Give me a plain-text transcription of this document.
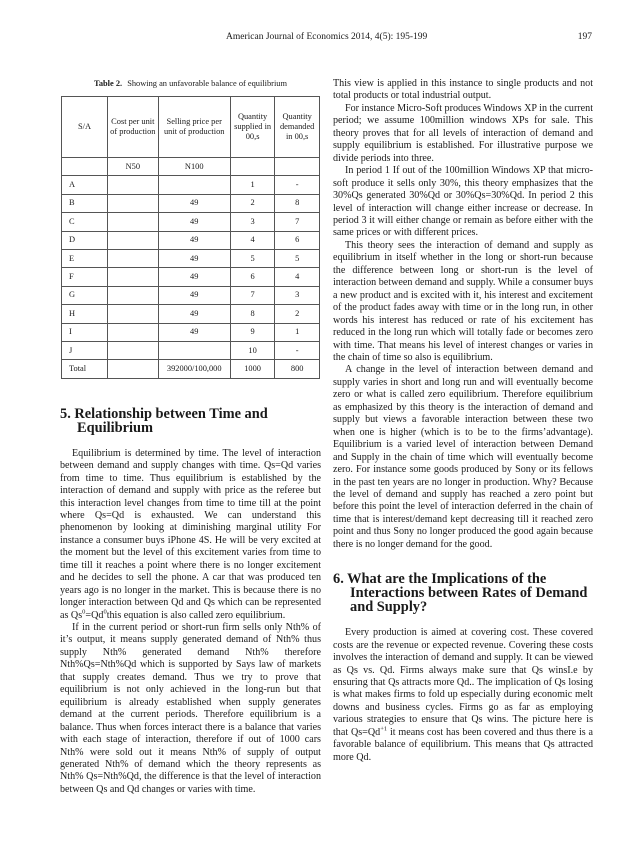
American Journal of Economics 2014, 4(5): 195-199	197
Table 2. Showing an unfavorable balance of equilibrium
S/A	Cost per unit of production	Selling price per unit of production	Quantity supplied in 00,s	Quantity demanded in 00,s
	N50	N100		
A			1	-
B		49	2	8
C		49	3	7
D		49	4	6
E		49	5	5
F		49	6	4
G		49	7	3
H		49	8	2
I		49	9	1
J			10	-
Total		392000/100,000	1000	800
5. Relationship between Time and Equilibrium

Equilibrium is determined by time. The level of interaction between demand and supply changes with time. Qs=Qd varies from time to time. Thus equilibrium is established by the interaction of demand and supply with price as the referee but this interaction level changes from time to time till at the point where Qs=Qd is exhausted. We can understand this phenomenon by looking at diminishing marginal utility For instance a consumer buys iPhone 4S. He will be very excited at the moment but the level of this excitement varies from time to time till it reaches a point where there is no longer excitement and he decides to sell the phone. A car that was produced ten years ago is no longer in the market. This is because there is no longer interaction between Qd and Qs which can be represented as $Qs^0=Qd^0this$ equation is also called zero equilibrium.

If in the current period or short-run firm sells only Nth% of it’s output, it means supply generated demand of Nth% thus supply Nth% generated demand Nth% therefore Nth%Qs=Nth%Qd which is supported by Says law of markets that supply creates demand. Thus we try to prove that equilibrium is not only achieved in the long-run but that equilibrium is already established when supply generates demand at the current periods. Therefore equilibrium is a balance. Thus when forces interact there is a balance that varies with each stage of interaction, therefore if out of 1000 cars Nth% were sold out it means Nth% of supply of output generated Nth% of demand which the theory represents as Nth% Qs=Nth%Qd, the difference is that the level of interaction between Qs and Qd changes or varies with time.

This view is applied in this instance to single products and not total products or total industrial output.

For instance Micro-Soft produces Windows XP in the current period; we assume 100million windows XPs for sale. This theory proves that for all levels of interaction of demand and supply equilibrium is established. For illustrative purpose we divide periods into three.

In period 1 If out of the 100million Windows XP that micro-soft produce it sells only 30%, this theory emphasizes that the 30%Qs generated 30%Qd or 30%Qs=30%Qd. In period 2 this level of interaction will change either increase or decrease. In period 3 it will either change or remain as before either with the same prices or with different prices.

This theory sees the interaction of demand and supply as equilibrium in itself whether in the long or short-run because the difference between long or short-run is the level of interaction between demand and supply. While a consumer buys a new product and is excited with it, his interest and excitement of the product fades away with time or in the long run, in other words his interest has reduced or rate of his excitement has reduced in the long run which will totally fade or becomes zero with time. That means his level of interest changes or varies in the chain of time so also is equilibrium.

A change in the level of interaction between demand and supply varies in short and long run and will eventually become zero or what is called zero equilibrium. Therefore equilibrium as emphasized by this theory is the interaction of demand and supply but views a favorable interaction between these two when one is higher (which is to be to the firms’advantage). Equilibrium is a varied level of interaction between Demand and Supply in the chain of time which will eventually become zero. For instance some goods produced by Sony or its fellows in the past ten years are no longer in production. Why? Because the level of demand and supply has reached a zero point but before this point the level of interaction deferred in the chain of time that is interest/demand kept decreasing till it reached zero point and thus Sony no longer produced the good again because there is no longer demand for the good.

6. What are the Implications of the Interactions between Rates of Demand and Supply?

Every production is aimed at covering cost. These covered costs are the revenue or expected revenue. Covering these costs involves the interaction of demand and supply. It can be viewed as Qs vs. Qd. Firms always make sure that Qs winsI.e by ensuring that Qs attracts more Qd.. The implication of Qs losing is what makes firms to fold up especially during economic melt downs and business cycles. Firms go as far as employing various strategies to ensure that Qs wins. The picture here is that $Qs=Qd^{+1}$ it means cost has been covered and thus there is a favorable balance of equilibrium. This means that Qs attracted more Qd.
